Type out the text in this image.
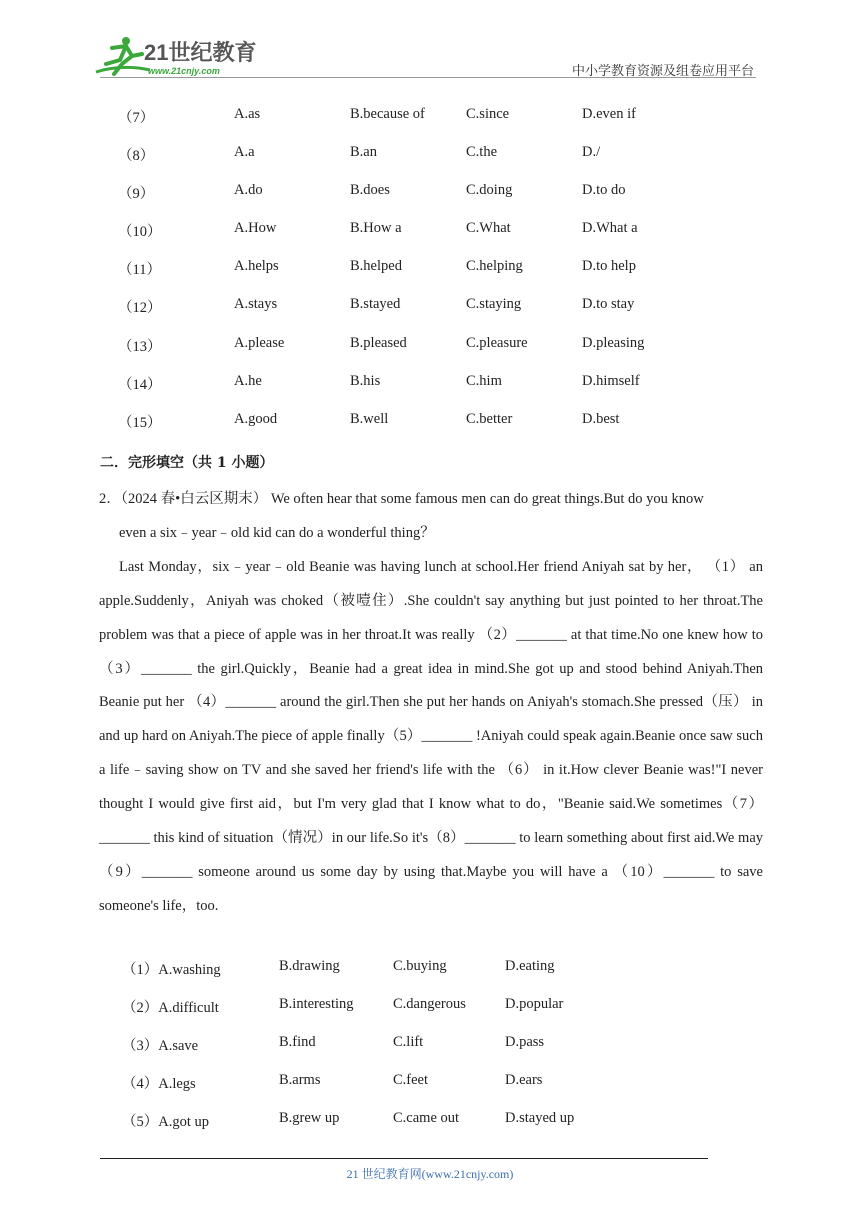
21世纪教育
www.21cnjy.com	中小学教育资源及组卷应用平台
（7）	A.as	B.because of	C.since	D.even if
（8）	A.a	B.an	C.the	D./
（9）	A.do	B.does	C.doing	D.to do
（10）	A.How	B.How a	C.What	D.What a
（11）	A.helps	B.helped	C.helping	D.to help
（12）	A.stays	B.stayed	C.staying	D.to stay
（13）	A.please	B.pleased	C.pleasure	D.pleasing
（14）	A.he	B.his	C.him	D.himself
（15）	A.good	B.well	C.better	D.best
二．完形填空（共 1 小题）
2．（2024 春•白云区期末） We often hear that some famous men can do great things.But do you know
even a six﹣year﹣old kid can do a wonderful thing？
Last Monday，six﹣year﹣old Beanie was having lunch at school.Her friend Aniyah sat by her， （1） an apple.Suddenly，Aniyah was choked（被噎住）.She couldn't say anything but just pointed to her throat.The problem was that a piece of apple was in her throat.It was really （2）_______ at that time.No one knew how to （3）_______ the girl.Quickly，Beanie had a great idea in mind.She got up and stood behind Aniyah.Then Beanie put her （4）_______ around the girl.Then she put her hands on Aniyah's stomach.She pressed（压） in and up hard on Aniyah.The piece of apple finally（5）_______ !Aniyah could speak again.Beanie once saw such a life﹣saving show on TV and she saved her friend's life with the （6） in it.How clever Beanie was!"I never thought I would give first aid，but I'm very glad that I know what to do，"Beanie said.We sometimes（7）_______ this kind of situation（情况）in our life.So it's（8）_______ to learn something about first aid.We may （9）_______ someone around us some day by using that.Maybe you will have a （10）_______ to save someone's life，too.
（1）A.washing	B.drawing	C.buying	D.eating
（2）A.difficult	B.interesting	C.dangerous	D.popular
（3）A.save	B.find	C.lift	D.pass
（4）A.legs	B.arms	C.feet	D.ears
（5）A.got up	B.grew up	C.came out	D.stayed up
21 世纪教育网(www.21cnjy.com)
